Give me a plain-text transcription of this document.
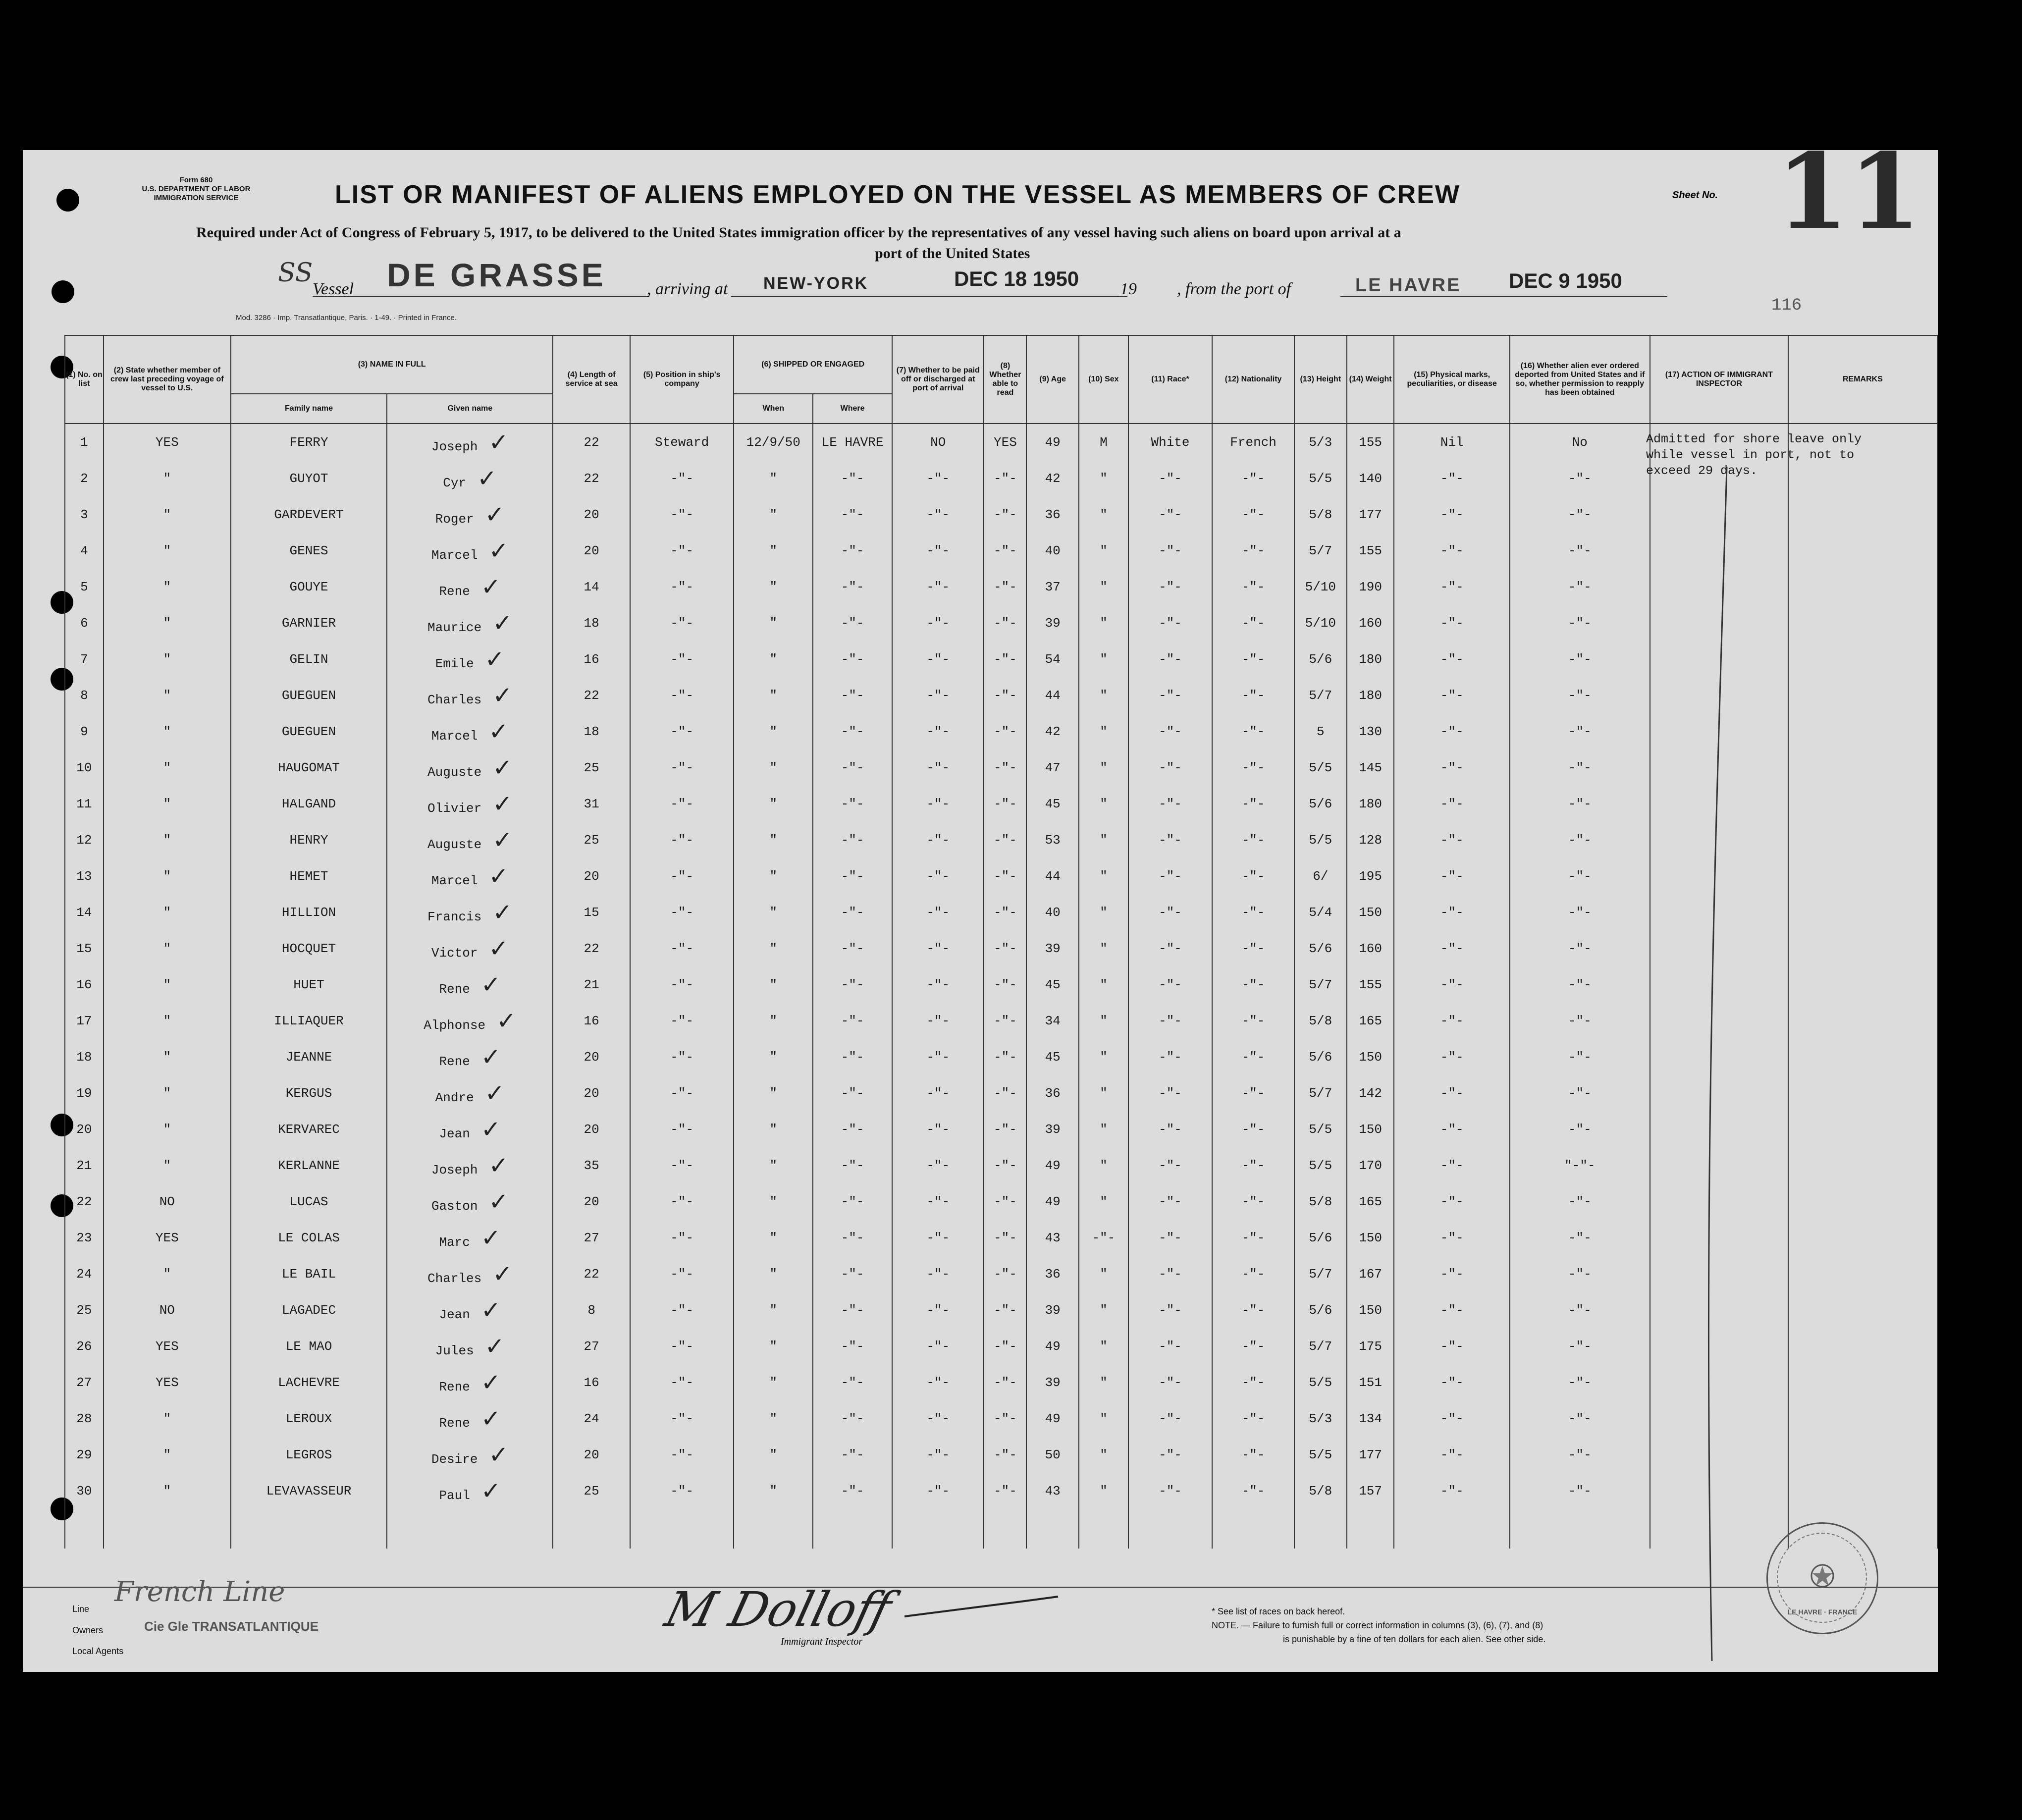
Form 680
U.S. DEPARTMENT OF LABOR
IMMIGRATION SERVICE	LIST OR MANIFEST OF ALIENS EMPLOYED ON THE VESSEL AS MEMBERS OF CREW	Sheet No. 11
Required under Act of Congress of February 5, 1917, to be delivered to the United States immigration officer by the representatives of any vessel having such aliens on board upon arrival at a
port of the United States
SS DE GRASSE
Vessel	, arriving at NEW-YORK	DEC 18 1950 19 , from the port of	LE HAVRE DEC 9 1950
116
Mod. 3286 · Imp. Transatlantique, Paris. · 1-49. · Printed in France.
(1) No. on list	(2) State whether member of crew last preceding voyage of vessel to U.S.	(3) NAME IN FULL		(4) Length of service at sea	(5) Position in ship's company	(6) SHIPPED OR ENGAGED		(7) Whether to be paid off or discharged at port of arrival	(8) Whether able to read	(9) Age	(10) Sex	(11) Race*	(12) Nationality	(13) Height	(14) Weight	(15) Physical marks, peculiarities, or disease	(16) Whether alien ever ordered deported from United States and if so, whether permission to reapply has been obtained	(17) ACTION OF IMMIGRANT INSPECTOR	REMARKS
		Family name	Given name			When	Where												
1	YES	FERRY	Joseph ✓	22	Steward	12/9/50	LE HAVRE	NO	YES	49	M	White	French	5/3	155	Nil	No		
2	"	GUYOT	Cyr ✓	22	-"-	"	-"-	-"-	-"-	42	"	-"-	-"-	5/5	140	-"-	-"-		
3	"	GARDEVERT	Roger ✓	20	-"-	"	-"-	-"-	-"-	36	"	-"-	-"-	5/8	177	-"-	-"-		
4	"	GENES	Marcel ✓	20	-"-	"	-"-	-"-	-"-	40	"	-"-	-"-	5/7	155	-"-	-"-		
5	"	GOUYE	Rene ✓	14	-"-	"	-"-	-"-	-"-	37	"	-"-	-"-	5/10	190	-"-	-"-		
6	"	GARNIER	Maurice ✓	18	-"-	"	-"-	-"-	-"-	39	"	-"-	-"-	5/10	160	-"-	-"-		
7	"	GELIN	Emile ✓	16	-"-	"	-"-	-"-	-"-	54	"	-"-	-"-	5/6	180	-"-	-"-		
8	"	GUEGUEN	Charles ✓	22	-"-	"	-"-	-"-	-"-	44	"	-"-	-"-	5/7	180	-"-	-"-		
9	"	GUEGUEN	Marcel ✓	18	-"-	"	-"-	-"-	-"-	42	"	-"-	-"-	5	130	-"-	-"-		
10	"	HAUGOMAT	Auguste ✓	25	-"-	"	-"-	-"-	-"-	47	"	-"-	-"-	5/5	145	-"-	-"-		
11	"	HALGAND	Olivier ✓	31	-"-	"	-"-	-"-	-"-	45	"	-"-	-"-	5/6	180	-"-	-"-		
12	"	HENRY	Auguste ✓	25	-"-	"	-"-	-"-	-"-	53	"	-"-	-"-	5/5	128	-"-	-"-		
13	"	HEMET	Marcel ✓	20	-"-	"	-"-	-"-	-"-	44	"	-"-	-"-	6/	195	-"-	-"-		
14	"	HILLION	Francis ✓	15	-"-	"	-"-	-"-	-"-	40	"	-"-	-"-	5/4	150	-"-	-"-		
15	"	HOCQUET	Victor ✓	22	-"-	"	-"-	-"-	-"-	39	"	-"-	-"-	5/6	160	-"-	-"-		
16	"	HUET	Rene ✓	21	-"-	"	-"-	-"-	-"-	45	"	-"-	-"-	5/7	155	-"-	-"-		
17	"	ILLIAQUER	Alphonse ✓	16	-"-	"	-"-	-"-	-"-	34	"	-"-	-"-	5/8	165	-"-	-"-		
18	"	JEANNE	Rene ✓	20	-"-	"	-"-	-"-	-"-	45	"	-"-	-"-	5/6	150	-"-	-"-		
19	"	KERGUS	Andre ✓	20	-"-	"	-"-	-"-	-"-	36	"	-"-	-"-	5/7	142	-"-	-"-		
20	"	KERVAREC	Jean ✓	20	-"-	"	-"-	-"-	-"-	39	"	-"-	-"-	5/5	150	-"-	-"-		
21	"	KERLANNE	Joseph ✓	35	-"-	"	-"-	-"-	-"-	49	"	-"-	-"-	5/5	170	-"-	"-"-		
22	NO	LUCAS	Gaston ✓	20	-"-	"	-"-	-"-	-"-	49	"	-"-	-"-	5/8	165	-"-	-"-		
23	YES	LE COLAS	Marc ✓	27	-"-	"	-"-	-"-	-"-	43	-"-	-"-	-"-	5/6	150	-"-	-"-		
24	"	LE BAIL	Charles ✓	22	-"-	"	-"-	-"-	-"-	36	"	-"-	-"-	5/7	167	-"-	-"-		
25	NO	LAGADEC	Jean ✓	8	-"-	"	-"-	-"-	-"-	39	"	-"-	-"-	5/6	150	-"-	-"-		
26	YES	LE MAO	Jules ✓	27	-"-	"	-"-	-"-	-"-	49	"	-"-	-"-	5/7	175	-"-	-"-		
27	YES	LACHEVRE	Rene ✓	16	-"-	"	-"-	-"-	-"-	39	"	-"-	-"-	5/5	151	-"-	-"-		
28	"	LEROUX	Rene ✓	24	-"-	"	-"-	-"-	-"-	49	"	-"-	-"-	5/3	134	-"-	-"-		
29	"	LEGROS	Desire ✓	20	-"-	"	-"-	-"-	-"-	50	"	-"-	-"-	5/5	177	-"-	-"-		
30	"	LEVAVASSEUR	Paul ✓	25	-"-	"	-"-	-"-	-"-	43	"	-"-	-"-	5/8	157	-"-	-"-		

Admitted for shore leave only
while vessel in port, not to
exceed 29 days.
Line
French Line
Owners	Cie Gle TRANSATLANTIQUE
Local Agents
M Dolloff
Immigrant Inspector
* See list of races on back hereof.
NOTE. — Failure to furnish full or correct information in columns (3), (6), (7), and (8)
is punishable by a fine of ten dollars for each alien. See other side.
LE HAVRE · FRANCE
